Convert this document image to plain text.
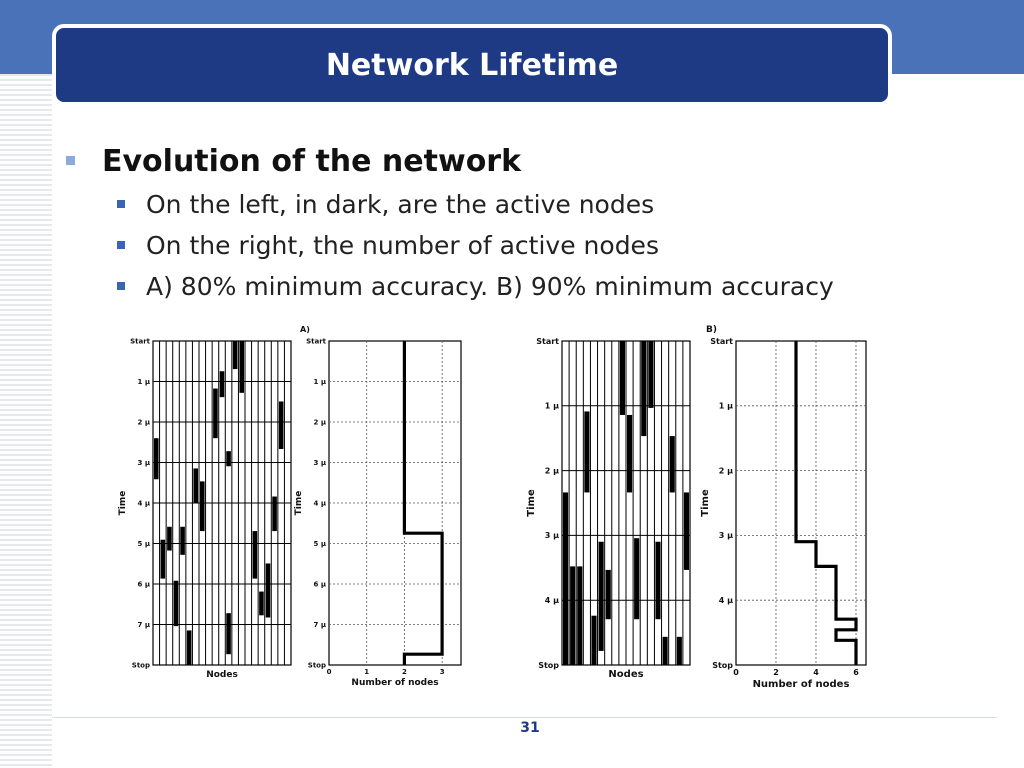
Network Lifetime
Evolution of the network
On the left, in dark, are the active nodes
On the right, the number of active nodes
A) 80% minimum accuracy. B) 90% minimum accuracy
Start
1 μ
2 μ
3 μ
4 μ
5 μ
6 μ
7 μ
Stop
Nodes
Time
A)
0	1	2	3
Start
1 μ
2 μ
3 μ
4 μ
5 μ
6 μ
7 μ
Stop
Number of nodes
Time
Start
1 μ
2 μ
3 μ
4 μ
Stop
Nodes
Time
B)
0	2	4	6
Start
1 μ
2 μ
3 μ
4 μ
Stop
Number of nodes
Time
31
